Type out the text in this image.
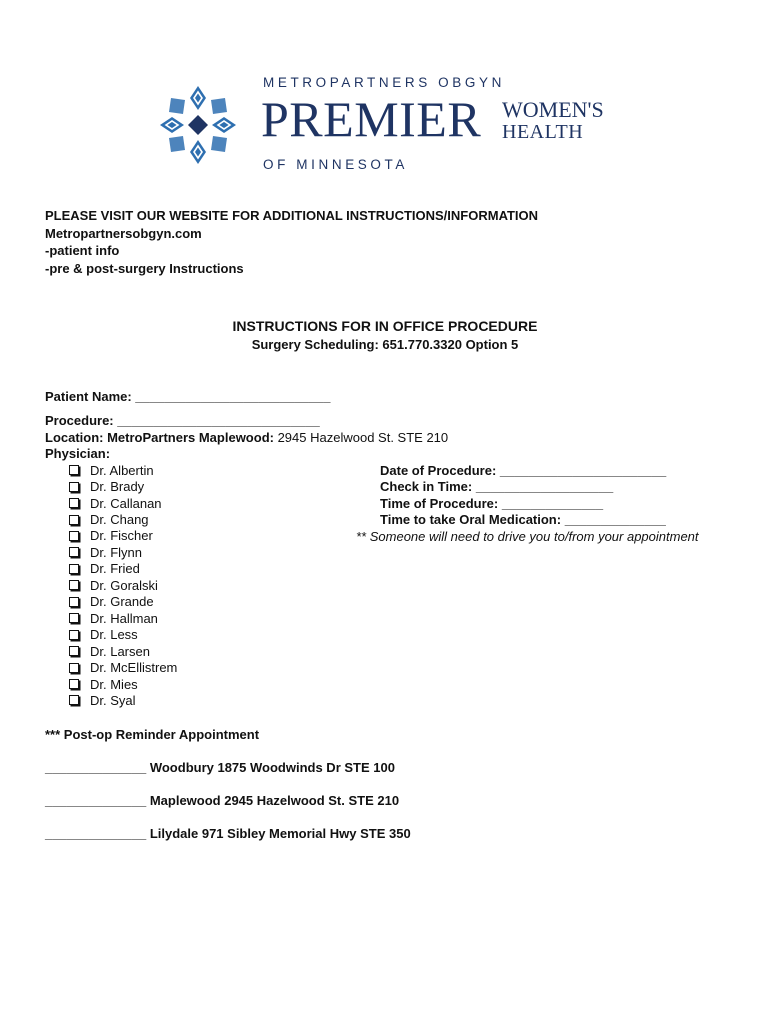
METROPARTNERS OBGYN
PREMIER WOMEN'S
HEALTH
OF MINNESOTA
PLEASE VISIT OUR WEBSITE FOR ADDITIONAL INSTRUCTIONS/INFORMATION
Metropartnersobgyn.com
-patient info
-pre & post-surgery Instructions
INSTRUCTIONS FOR IN OFFICE PROCEDURE
Surgery Scheduling: 651.770.3320 Option 5
Patient Name: ___________________________
Procedure: ____________________________
Location: MetroPartners Maplewood: 2945 Hazelwood St. STE 210
Physician:
Dr. Albertin
Dr. Brady
Dr. Callanan
Dr. Chang
Dr. Fischer
Dr. Flynn
Dr. Fried
Dr. Goralski
Dr. Grande
Dr. Hallman
Dr. Less
Dr. Larsen
Dr. McEllistrem
Dr. Mies
Dr. Syal
Date of Procedure: _______________________
Check in Time: ___________________
Time of Procedure: ______________
Time to take Oral Medication: ______________
** Someone will need to drive you to/from your appointment
*** Post-op Reminder Appointment
______________ Woodbury 1875 Woodwinds Dr STE 100
______________ Maplewood 2945 Hazelwood St. STE 210
______________ Lilydale 971 Sibley Memorial Hwy STE 350
